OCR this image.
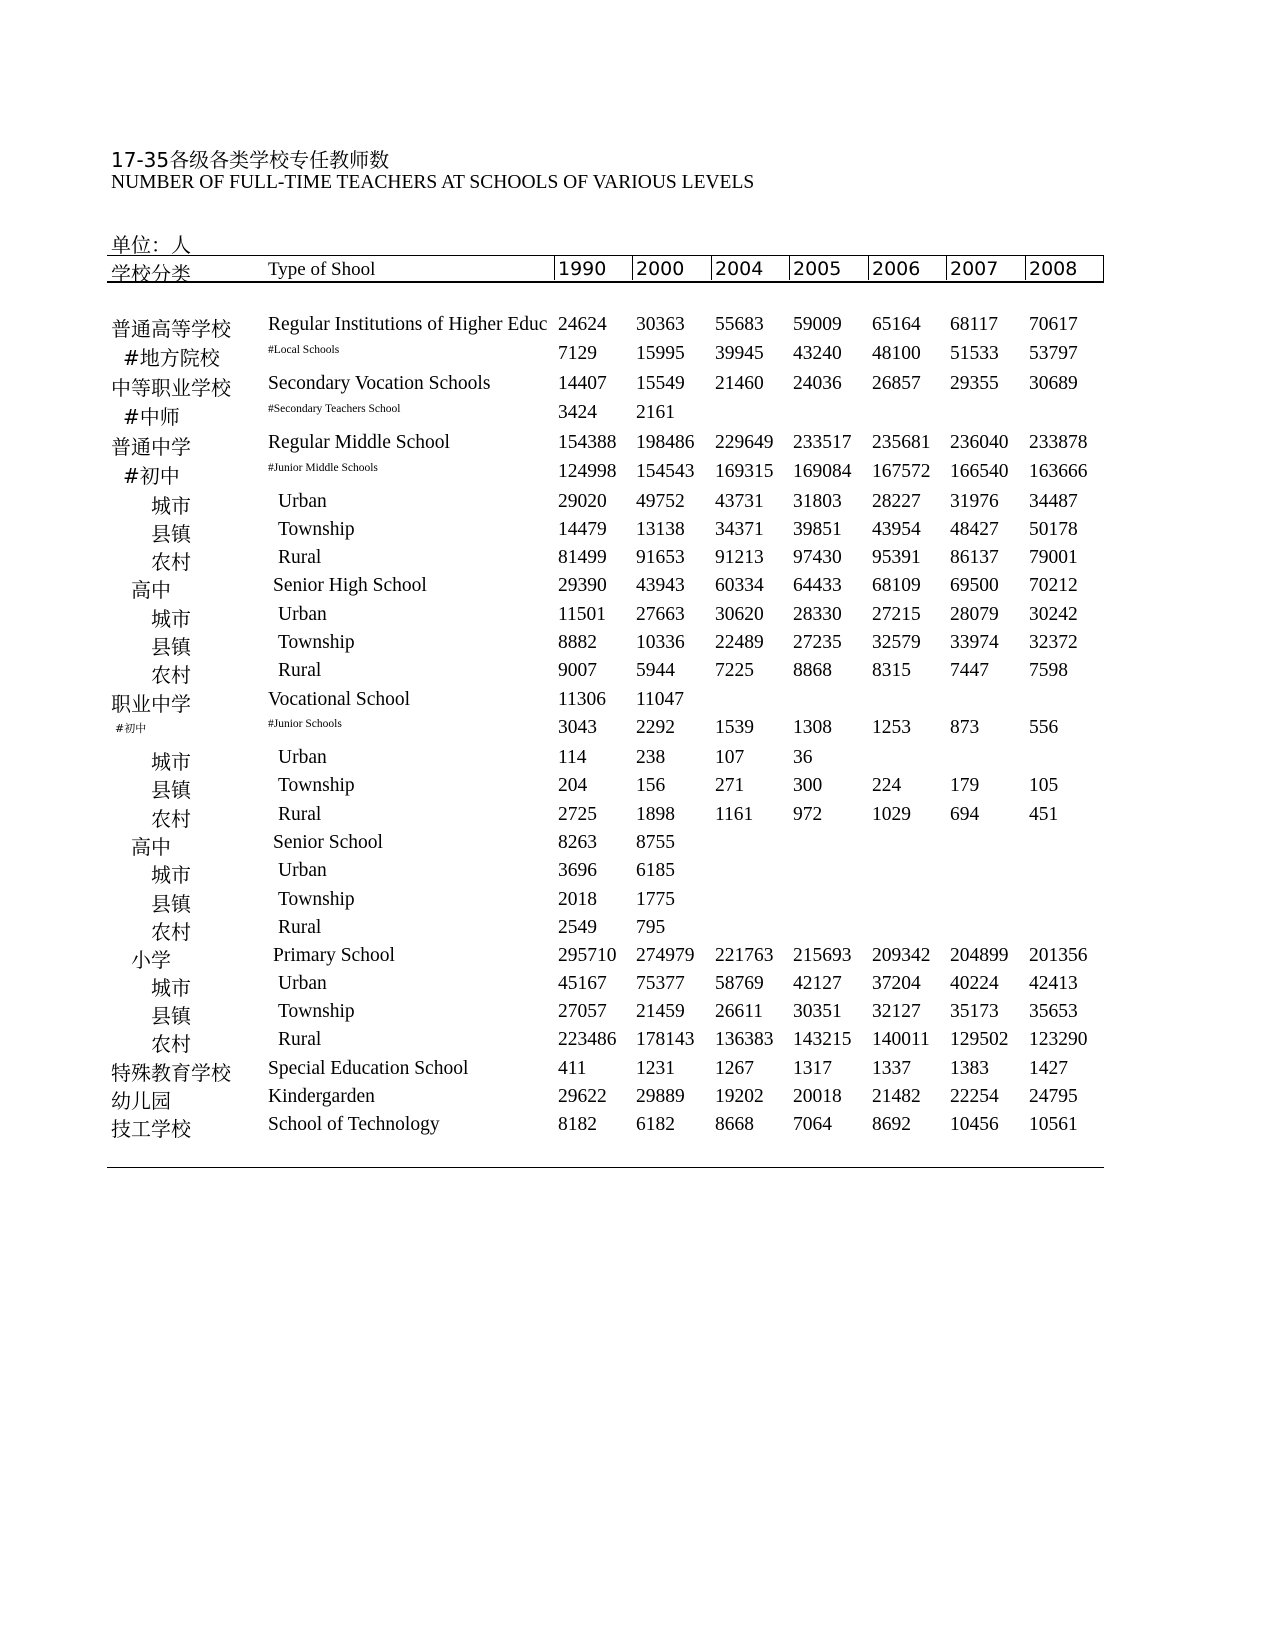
17-35各级各类学校专任教师数
NUMBER OF FULL-TIME TEACHERS AT SCHOOLS OF VARIOUS LEVELS
单位：人
学校分类	Type of Shool	1990	2000	2004	2005	2006	2007	2008
普通高等学校 Regular Institutions of Higher Educ 24624 30363 55683 59009 65164 68117 70617
#地方院校	#Local Schools	7129 15995 39945 43240 48100 51533 53797
中等职业学校 Secondary Vocation Schools	14407 15549 21460 24036 26857 29355 30689
#中师	#Secondary Teachers School	3424 2161
普通中学	Regular Middle School	154388 198486 229649 233517 235681 236040 233878
#初中	#Junior Middle Schools	124998 154543 169315 169084 167572 166540 163666
城市	Urban	29020 49752 43731 31803 28227 31976 34487
县镇	Township	14479 13138 34371 39851 43954 48427 50178
农村	Rural	81499 91653 91213 97430 95391 86137 79001
高中	Senior High School	29390 43943 60334 64433 68109 69500 70212
城市	Urban	11501 27663 30620 28330 27215 28079 30242
县镇	Township	8882 10336 22489 27235 32579 33974 32372
农村	Rural	9007 5944 7225 8868 8315 7447 7598
职业中学	Vocational School	11306 11047
#初中	#Junior Schools	3043 2292 1539 1308 1253 873	556
城市	Urban	114	238	107	36
县镇	Township	204	156	271	300	224	179	105
农村	Rural	2725 1898 1161 972	1029 694	451
高中	Senior School	8263 8755
城市	Urban	3696 6185
县镇	Township	2018 1775
农村	Rural	2549 795
小学	Primary School	295710 274979 221763 215693 209342 204899 201356
城市	Urban	45167 75377 58769 42127 37204 40224 42413
县镇	Township	27057 21459 26611 30351 32127 35173 35653
农村	Rural	223486 178143 136383 143215 140011 129502 123290
特殊教育学校 Special Education School	411	1231 1267 1317 1337 1383 1427
幼儿园	Kindergarden	29622 29889 19202 20018 21482 22254 24795
技工学校	School of Technology	8182 6182 8668 7064 8692 10456 10561
